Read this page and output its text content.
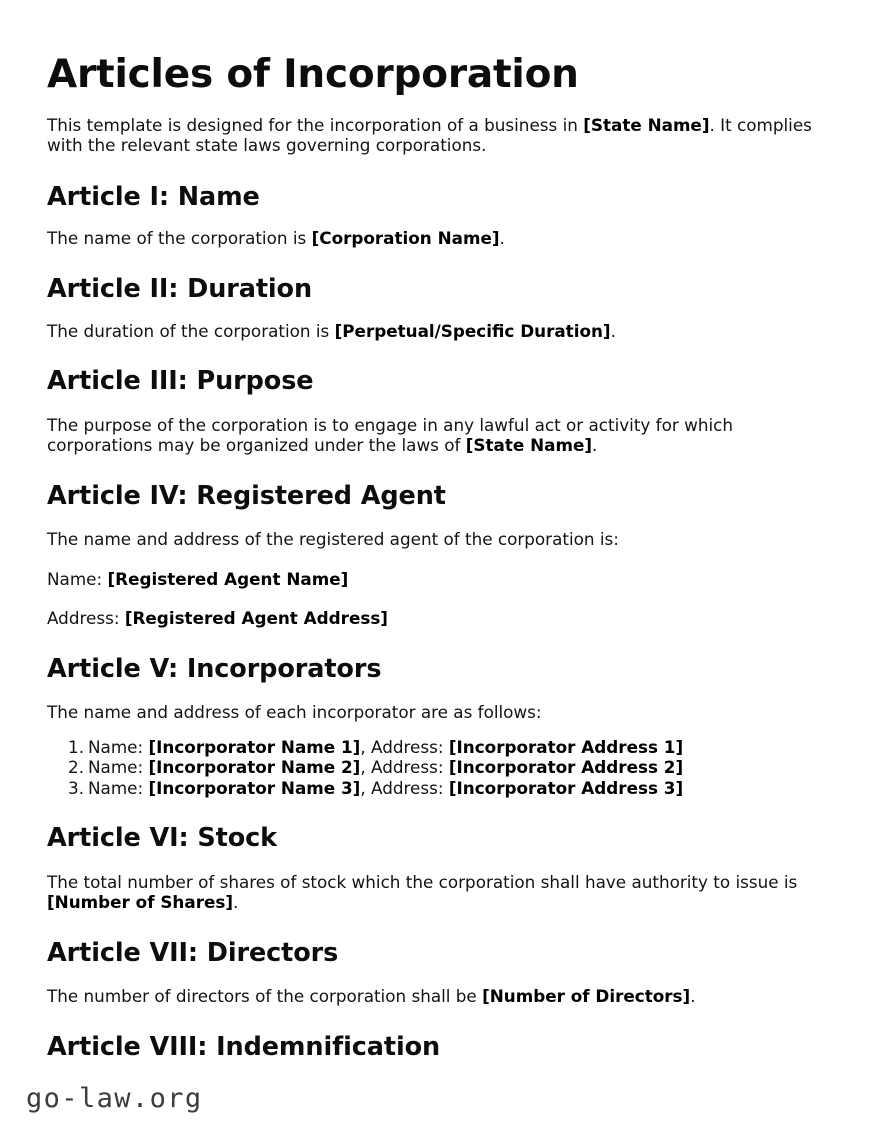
Articles of Incorporation

This template is designed for the incorporation of a business in [State Name]. It complies with the relevant state laws governing corporations.

Article I: Name

The name of the corporation is [Corporation Name].

Article II: Duration

The duration of the corporation is [Perpetual/Specific Duration].

Article III: Purpose

The purpose of the corporation is to engage in any lawful act or activity for which corporations may be organized under the laws of [State Name].

Article IV: Registered Agent

The name and address of the registered agent of the corporation is:

Name: [Registered Agent Name]

Address: [Registered Agent Address]

Article V: Incorporators

The name and address of each incorporator are as follows:

Name: [Incorporator Name 1], Address: [Incorporator Address 1]
Name: [Incorporator Name 2], Address: [Incorporator Address 2]
Name: [Incorporator Name 3], Address: [Incorporator Address 3]
Article VI: Stock

The total number of shares of stock which the corporation shall have authority to issue is [Number of Shares].

Article VII: Directors

The number of directors of the corporation shall be [Number of Directors].

Article VIII: Indemnification
go-law.org
